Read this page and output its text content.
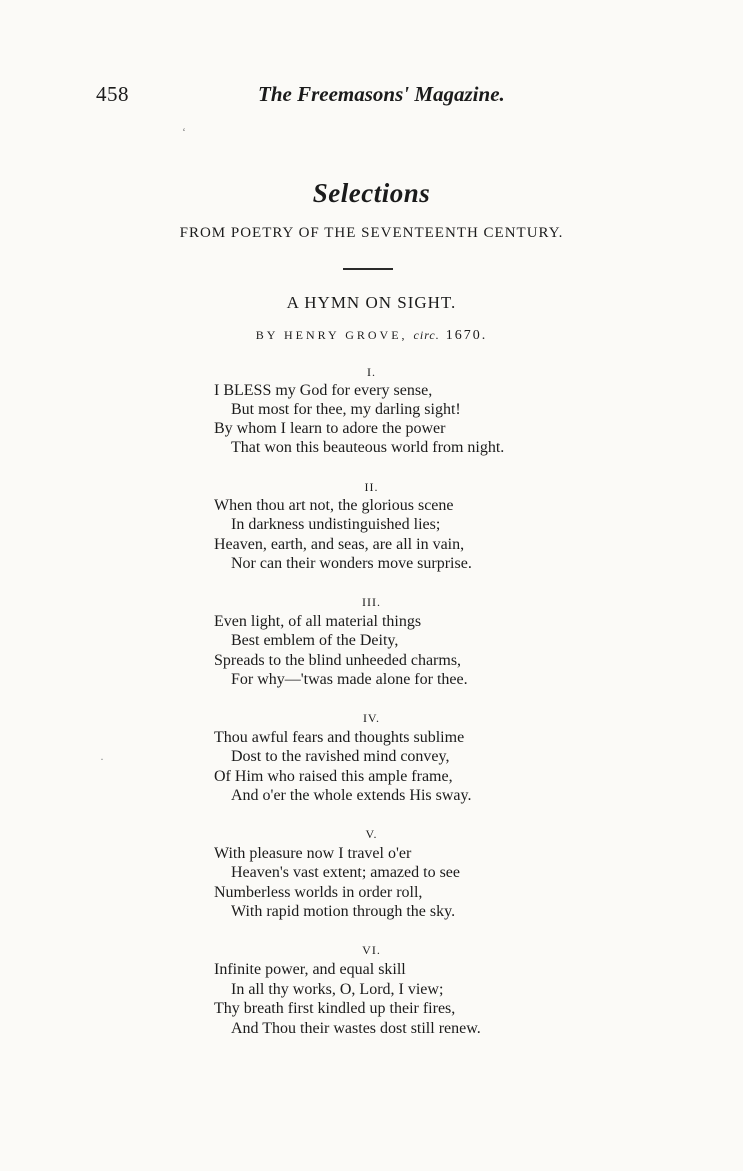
458	The Freemasons' Magazine.
Selections
FROM POETRY OF THE SEVENTEENTH CENTURY.
A HYMN ON SIGHT.
BY HENRY GROVE, circ. 1670.
I.
I BLESS my God for every sense,
But most for thee, my darling sight!
By whom I learn to adore the power
That won this beauteous world from night.
II.
When thou art not, the glorious scene
In darkness undistinguished lies;
Heaven, earth, and seas, are all in vain,
Nor can their wonders move surprise.
III.
Even light, of all material things
Best emblem of the Deity,
Spreads to the blind unheeded charms,
For why—'twas made alone for thee.
IV.
Thou awful fears and thoughts sublime
Dost to the ravished mind convey,
Of Him who raised this ample frame,
And o'er the whole extends His sway.
V.
With pleasure now I travel o'er
Heaven's vast extent; amazed to see
Numberless worlds in order roll,
With rapid motion through the sky.
VI.
Infinite power, and equal skill
In all thy works, O, Lord, I view;
Thy breath first kindled up their fires,
And Thou their wastes dost still renew.
‘
·
